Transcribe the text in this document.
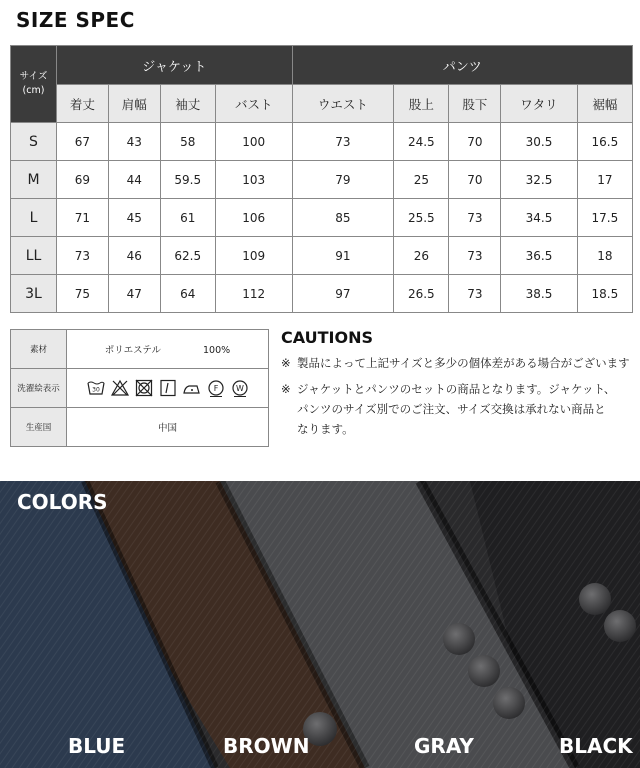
SIZE SPEC
サイズ
(cm)	ジャケット				パンツ				
	着丈	肩幅	袖丈	バスト	ウエスト	股上	股下	ワタリ	裾幅
S	67	43	58	100	73	24.5	70	30.5	16.5
M	69	44	59.5	103	79	25	70	32.5	17
L	71	45	61	106	85	25.5	73	34.5	17.5
LL	73	46	62.5	109	91	26	73	36.5	18
3L	75	47	64	112	97	26.5	73	38.5	18.5
素材	ポリエステル 100%
洗濯絵表示	30 F W

生産国	中国
CAUTIONS
※ 製品によって上記サイズと多少の個体差がある場合がございます
※ ジャケットとパンツのセットの商品となります。ジャケット、
パンツのサイズ別でのご注文、サイズ交換は承れない商品と
なります。
COLORS
BLUE	BROWN	GRAY	BLACK
